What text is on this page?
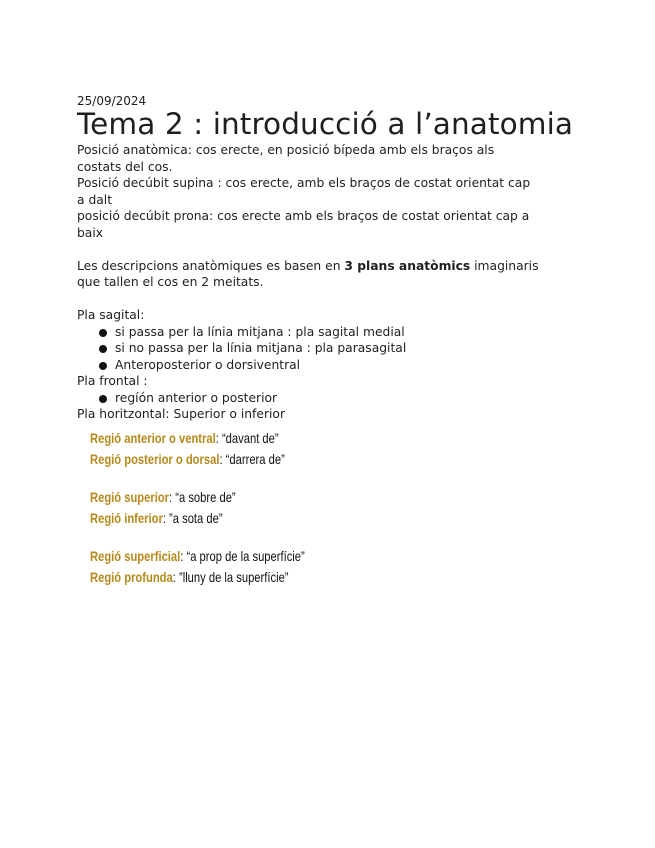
25/09/2024

Tema 2 : introducció a l’anatomia

Posició anatòmica: cos erecte, en posició bípeda amb els braços als

costats del cos.

Posició decúbit supina : cos erecte, amb els braços de costat orientat cap

a dalt

posició decúbit prona: cos erecte amb els braços de costat orientat cap a

baix

Les descripcions anatòmiques es basen en 3 plans anatòmics imaginaris

que tallen el cos en 2 meitats.

Pla sagital:

si passa per la línia mitjana : pla sagital medial
si no passa per la línia mitjana : pla parasagital
Anteroposterior o dorsiventral

Pla frontal :

regíón anterior o posterior

Pla horitzontal: Superior o inferior

Regió anterior o ventral: “davant de”
Regió posterior o dorsal: “darrera de”
Regió superior: “a sobre de”
Regió inferior: ”a sota de”
Regió superficial: “a prop de la superfície”
Regió profunda: ”lluny de la superfície”
